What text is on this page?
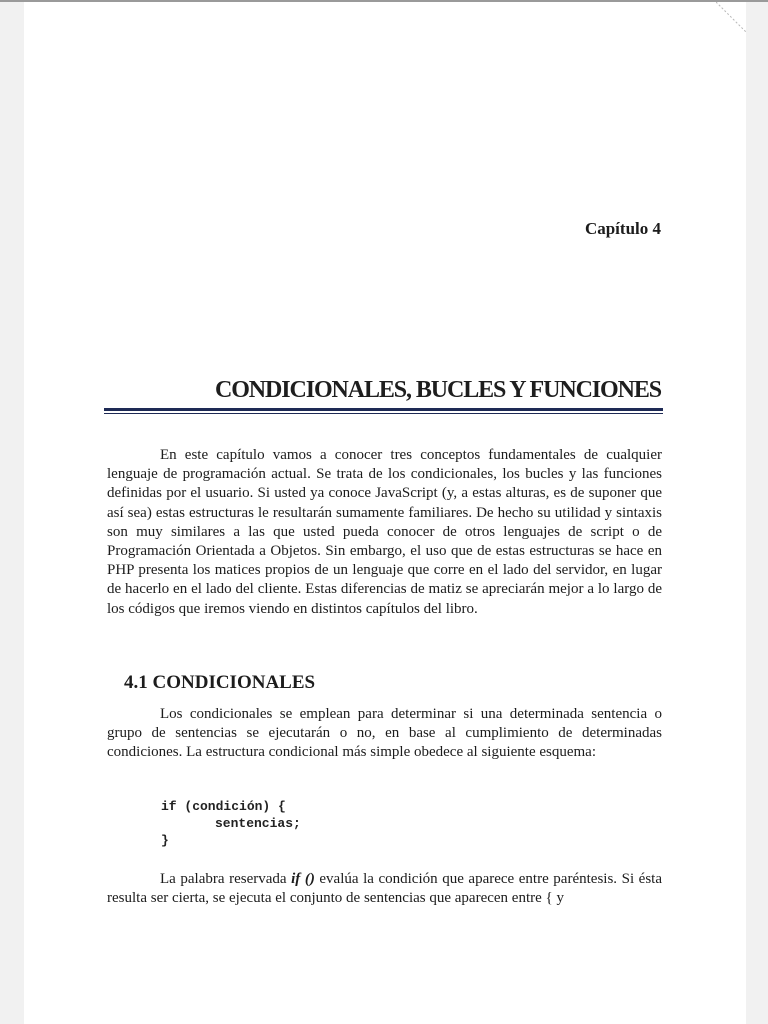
Capítulo 4
CONDICIONALES, BUCLES Y FUNCIONES

En este capítulo vamos a conocer tres conceptos fundamentales de cualquier lenguaje de programación actual. Se trata de los condicionales, los bucles y las funciones definidas por el usuario. Si usted ya conoce JavaScript (y, a estas alturas, es de suponer que así sea) estas estructuras le resultarán sumamente familiares. De hecho su utilidad y sintaxis son muy similares a las que usted pueda conocer de otros lenguajes de script o de Programación Orientada a Objetos. Sin embargo, el uso que de estas estructuras se hace en PHP presenta los matices propios de un lenguaje que corre en el lado del servidor, en lugar de hacerlo en el lado del cliente. Estas diferencias de matiz se apreciarán mejor a lo largo de los códigos que iremos viendo en distintos capítulos del libro.

4.1 CONDICIONALES

Los condicionales se emplean para determinar si una determinada sentencia o grupo de sentencias se ejecutarán o no, en base al cumplimiento de determinadas condiciones. La estructura condicional más simple obedece al siguiente esquema:

if (condición) {
sentencias;
}

La palabra reservada if () evalúa la condición que aparece entre paréntesis. Si ésta resulta ser cierta, se ejecuta el conjunto de sentencias que aparecen entre { y
